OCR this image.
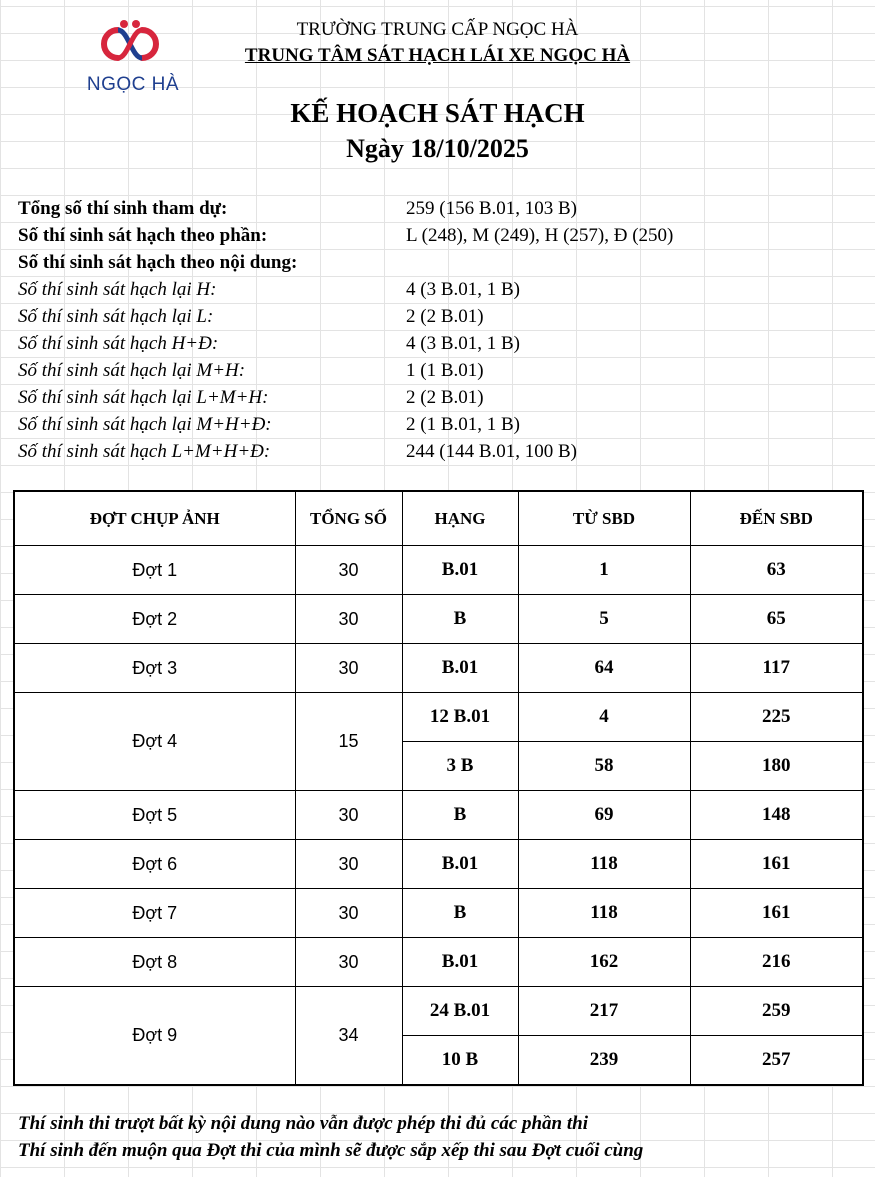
NGỌC HÀ
TRƯỜNG TRUNG CẤP NGỌC HÀ
TRUNG TÂM SÁT HẠCH LÁI XE NGỌC HÀ
KẾ HOẠCH SÁT HẠCH
Ngày 18/10/2025
Tổng số thí sinh tham dự:	259 (156 B.01, 103 B)
Số thí sinh sát hạch theo phần:	L (248), M (249), H (257), Đ (250)
Số thí sinh sát hạch theo nội dung:
Số thí sinh sát hạch lại H:	4 (3 B.01, 1 B)
Số thí sinh sát hạch lại L:	2 (2 B.01)
Số thí sinh sát hạch H+Đ:	4 (3 B.01, 1 B)
Số thí sinh sát hạch lại M+H:	1 (1 B.01)
Số thí sinh sát hạch lại L+M+H:	2 (2 B.01)
Số thí sinh sát hạch lại M+H+Đ:	2 (1 B.01, 1 B)
Số thí sinh sát hạch L+M+H+Đ:	244 (144 B.01, 100 B)
ĐỢT CHỤP ẢNH	TỔNG SỐ	HẠNG	TỪ SBD	ĐẾN SBD
Đợt 1	30	B.01	1	63
Đợt 2	30	B	5	65
Đợt 3	30	B.01	64	117
Đợt 4	15	12 B.01	4	225
		3 B	58	180
Đợt 5	30	B	69	148
Đợt 6	30	B.01	118	161
Đợt 7	30	B	118	161
Đợt 8	30	B.01	162	216
Đợt 9	34	24 B.01	217	259
		10 B	239	257
Thí sinh thi trượt bất kỳ nội dung nào vẫn được phép thi đủ các phần thi
Thí sinh đến muộn qua Đợt thi của mình sẽ được sắp xếp thi sau Đợt cuối cùng
